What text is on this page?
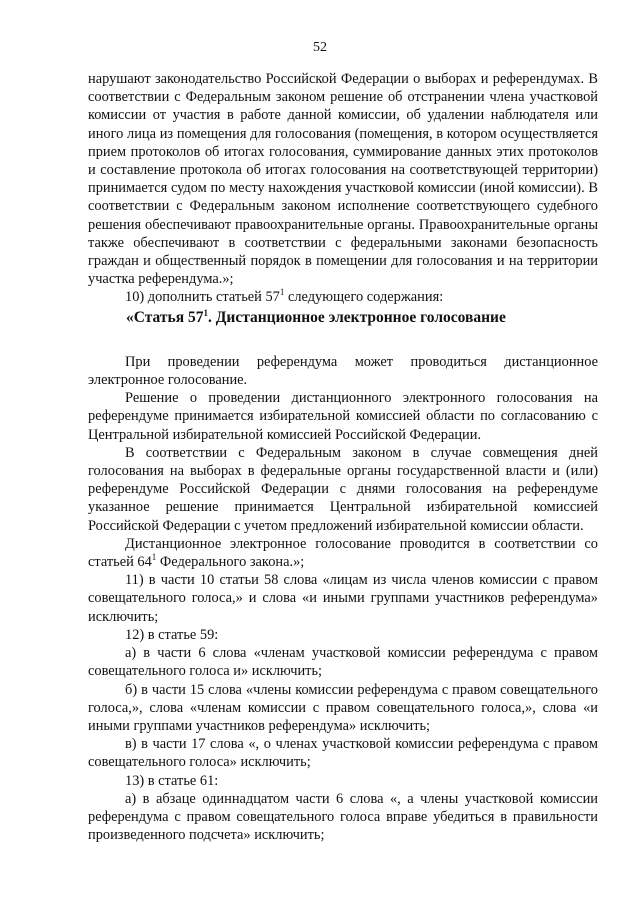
52

нарушают законодательство Российской Федерации о выборах и референдумах. В соответствии с Федеральным законом решение об отстранении члена участковой комиссии от участия в работе данной комиссии, об удалении наблюдателя или иного лица из помещения для голосования (помещения, в котором осуществляется прием протоколов об итогах голосования, суммирование данных этих протоколов и составление протокола об итогах голосования на соответствующей территории) принимается судом по месту нахождения участковой комиссии (иной комиссии). В соответствии с Федеральным законом исполнение соответствующего судебного решения обеспечивают правоохранительные органы. Правоохранительные органы также обеспечивают в соответствии с федеральными законами безопасность граждан и общественный порядок в помещении для голосования и на территории участка референдума.»;

10) дополнить статьей $57^1$ следующего содержания:

«Статья $57^1$. Дистанционное электронное голосование

При проведении референдума может проводиться дистанционное электронное голосование.

Решение о проведении дистанционного электронного голосования на референдуме принимается избирательной комиссией области по согласованию с Центральной избирательной комиссией Российской Федерации.

В соответствии с Федеральным законом в случае совмещения дней голосования на выборах в федеральные органы государственной власти и (или) референдуме Российской Федерации с днями голосования на референдуме указанное решение принимается Центральной избирательной комиссией Российской Федерации с учетом предложений избирательной комиссии области.

Дистанционное электронное голосование проводится в соответствии со статьей $64^1$ Федерального закона.»;

11) в части 10 статьи 58 слова «лицам из числа членов комиссии с правом совещательного голоса,» и слова «и иными группами участников референдума» исключить;

12) в статье 59:

а) в части 6 слова «членам участковой комиссии референдума с правом совещательного голоса и» исключить;

б) в части 15 слова «члены комиссии референдума с правом совещательного голоса,», слова «членам комиссии с правом совещательного голоса,», слова «и иными группами участников референдума» исключить;

в) в части 17 слова «, о членах участковой комиссии референдума с правом совещательного голоса» исключить;

13) в статье 61:

а) в абзаце одиннадцатом части 6 слова «, а члены участковой комиссии референдума с правом совещательного голоса вправе убедиться в правильности произведенного подсчета» исключить;
